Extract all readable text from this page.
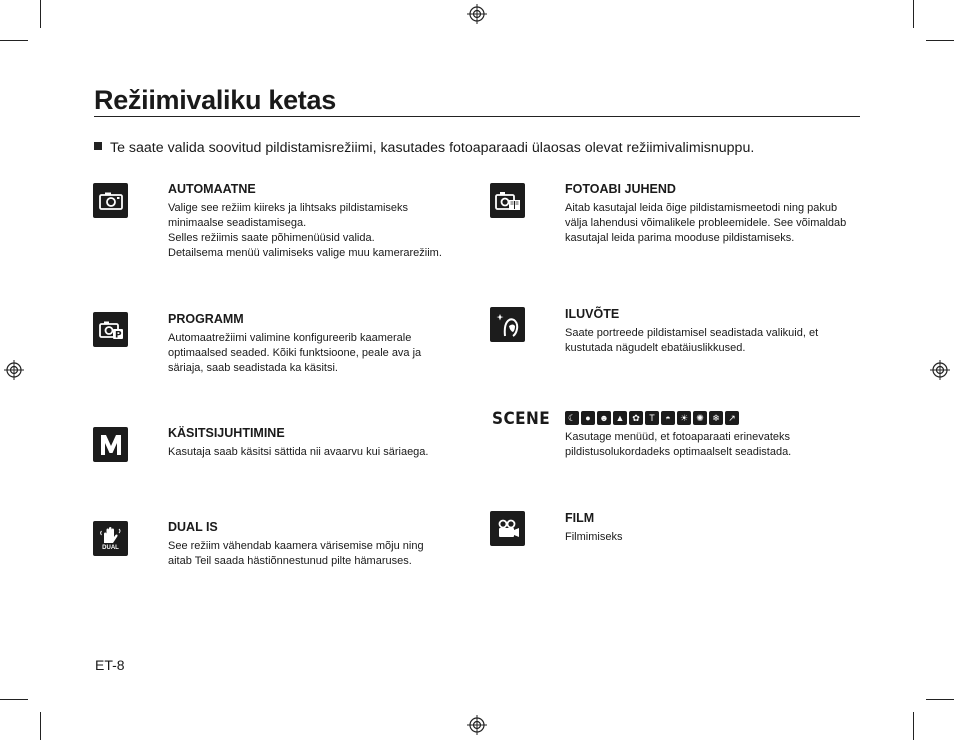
Režiimivaliku ketas
Te saate valida soovitud pildistamisrežiimi, kasutades fotoaparaadi ülaosas olevat režiimivalimisnuppu.
AUTOMAATNE

Valige see režiim kiireks ja lihtsaks pildistamiseks
minimaalse seadistamisega.
Selles režiimis saate põhimenüüsid valida.
Detailsema menüü valimiseks valige muu kamerarežiim.

P
PROGRAMM

Automaatrežiimi valimine konfigureerib kaamerale
optimaalsed seaded. Kõiki funktsioone, peale ava ja
säriaja, saab seadistada ka käsitsi.

KÄSITSIJUHTIMINE

Kasutaja saab käsitsi sättida nii avaarvu kui säriaega.

DUAL
DUAL IS

See režiim vähendab kaamera värisemise mõju ning
aitab Teil saada hästiõnnestunud pilte hämaruses.

FOTOABI JUHEND

Aitab kasutajal leida õige pildistamismeetodi ning pakub
välja lahendusi võimalikele probleemidele. See võimaldab
kasutajal leida parima mooduse pildistamiseks.

ILUVÕTE

Saate portreede pildistamisel seadistada valikuid, et
kustutada nägudelt ebatäiuslikkused.

SCENE	☾	● ☻ ▲ ✿	T	◓	☀ ✺ ❄ ↗

Kasutage menüüd, et fotoaparaati erinevateks
pildistusolukordadeks optimaalselt seadistada.

FILM

Filmimiseks

ET-8
